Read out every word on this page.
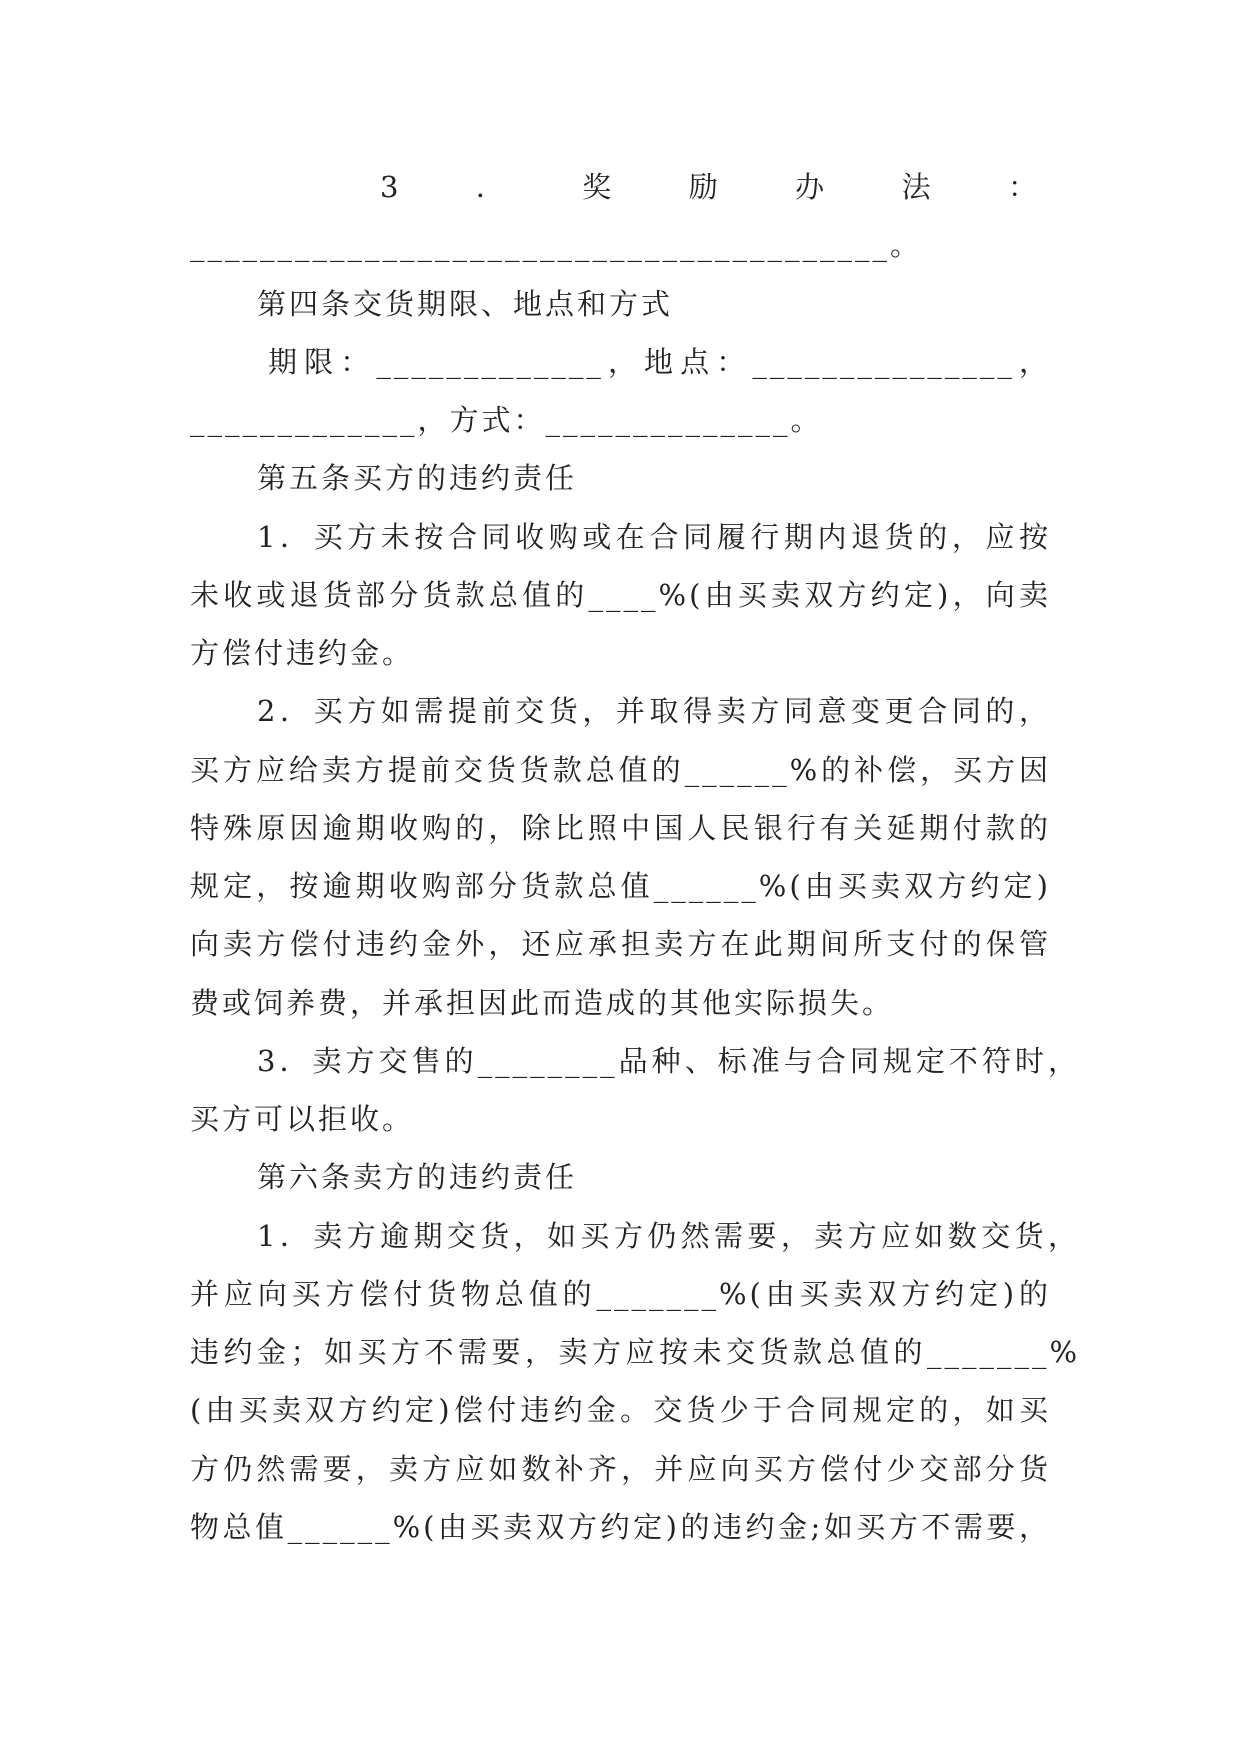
3．奖励办法：
________________________________________。
第四条交货期限、地点和方式
期限：_____________，地点：_______________，
_____________，方式：______________。
第五条买方的违约责任
1．买方未按合同收购或在合同履行期内退货的，应按
未收或退货部分货款总值的____%(由买卖双方约定)，向卖
方偿付违约金。
2．买方如需提前交货，并取得卖方同意变更合同的，
买方应给卖方提前交货货款总值的______%的补偿，买方因
特殊原因逾期收购的，除比照中国人民银行有关延期付款的
规定，按逾期收购部分货款总值______%(由买卖双方约定)
向卖方偿付违约金外，还应承担卖方在此期间所支付的保管
费或饲养费，并承担因此而造成的其他实际损失。
3．卖方交售的________品种、标准与合同规定不符时，
买方可以拒收。
第六条卖方的违约责任
1．卖方逾期交货，如买方仍然需要，卖方应如数交货，
并应向买方偿付货物总值的_______%(由买卖双方约定)的
违约金；如买方不需要，卖方应按未交货款总值的_______%
(由买卖双方约定)偿付违约金。交货少于合同规定的，如买
方仍然需要，卖方应如数补齐，并应向买方偿付少交部分货
物总值______%(由买卖双方约定)的违约金;如买方不需要，
